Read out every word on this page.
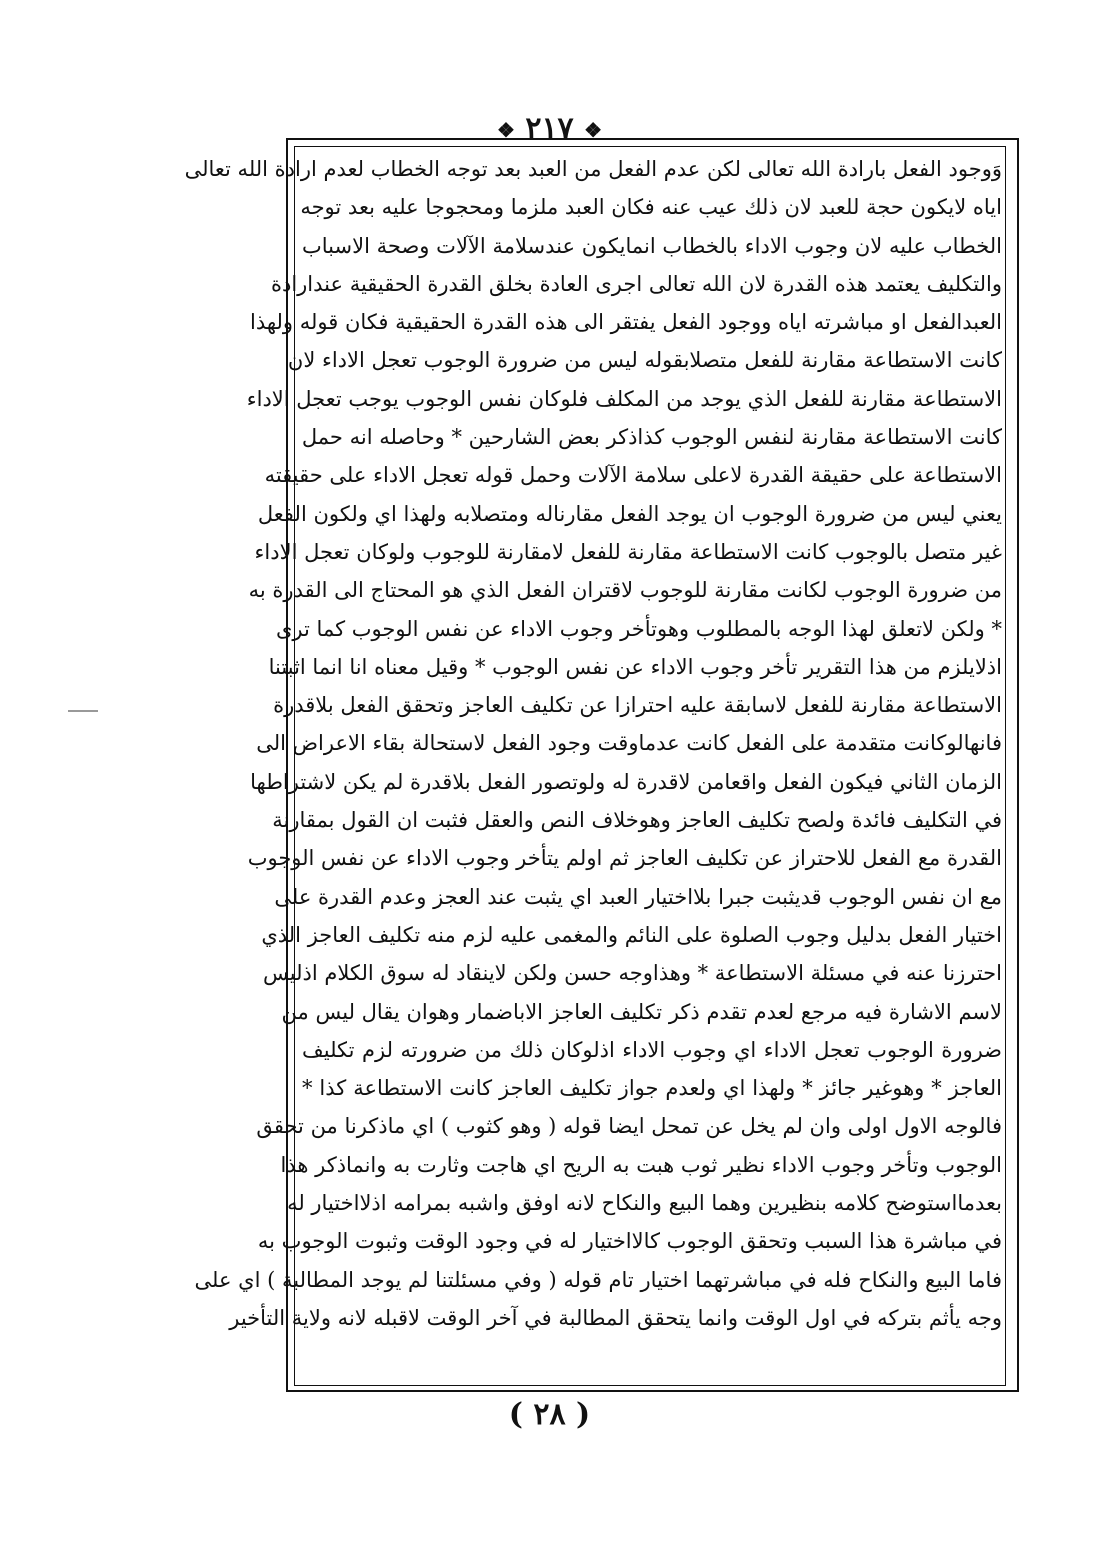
❖ ٢١٧ ❖
وَوجود الفعل بارادة الله تعالى لكن عدم الفعل من العبد بعد توجه الخطاب لعدم ارادة الله تعالى
اياه لايكون حجة للعبد لان ذلك عيب عنه فكان العبد ملزما ومحجوجا عليه بعد توجه
الخطاب عليه لان وجوب الاداء بالخطاب انمايكون عندسلامة الآلات وصحة الاسباب
والتكليف يعتمد هذه القدرة لان الله تعالى اجرى العادة بخلق القدرة الحقيقية عندارادة
العبدالفعل او مباشرته اياه ووجود الفعل يفتقر الى هذه القدرة الحقيقية فكان قوله ولهذا
كانت الاستطاعة مقارنة للفعل متصلابقوله ليس من ضرورة الوجوب تعجل الاداء لان
الاستطاعة مقارنة للفعل الذي يوجد من المكلف فلوكان نفس الوجوب يوجب تعجل الاداء
كانت الاستطاعة مقارنة لنفس الوجوب كذاذكر بعض الشارحين * وحاصله انه حمل
الاستطاعة على حقيقة القدرة لاعلى سلامة الآلات وحمل قوله تعجل الاداء على حقيقته
يعني ليس من ضرورة الوجوب ان يوجد الفعل مقارناله ومتصلابه ولهذا اي ولكون الفعل
غير متصل بالوجوب كانت الاستطاعة مقارنة للفعل لامقارنة للوجوب ولوكان تعجل الاداء
من ضرورة الوجوب لكانت مقارنة للوجوب لاقتران الفعل الذي هو المحتاج الى القدرة به
* ولكن لاتعلق لهذا الوجه بالمطلوب وهوتأخر وجوب الاداء عن نفس الوجوب كما ترى
اذلايلزم من هذا التقرير تأخر وجوب الاداء عن نفس الوجوب * وقيل معناه انا انما اثبتنا
الاستطاعة مقارنة للفعل لاسابقة عليه احترازا عن تكليف العاجز وتحقق الفعل بلاقدرة
فانهالوكانت متقدمة على الفعل كانت عدماوقت وجود الفعل لاستحالة بقاء الاعراض الى
الزمان الثاني فيكون الفعل واقعامن لاقدرة له ولوتصور الفعل بلاقدرة لم يكن لاشتراطها
في التكليف فائدة ولصح تكليف العاجز وهوخلاف النص والعقل فثبت ان القول بمقارنة
القدرة مع الفعل للاحتراز عن تكليف العاجز ثم اولم يتأخر وجوب الاداء عن نفس الوجوب
مع ان نفس الوجوب قديثبت جبرا بلااختيار العبد اي يثبت عند العجز وعدم القدرة على
اختيار الفعل بدليل وجوب الصلوة على النائم والمغمى عليه لزم منه تكليف العاجز الذي
احترزنا عنه في مسئلة الاستطاعة * وهذاوجه حسن ولكن لاينقاد له سوق الكلام اذليس
لاسم الاشارة فيه مرجع لعدم تقدم ذكر تكليف العاجز الاباضمار وهوان يقال ليس من
ضرورة الوجوب تعجل الاداء اي وجوب الاداء اذلوكان ذلك من ضرورته لزم تكليف
العاجز * وهوغير جائز * ولهذا اي ولعدم جواز تكليف العاجز كانت الاستطاعة كذا *
فالوجه الاول اولى وان لم يخل عن تمحل ايضا قوله ( وهو كثوب ) اي ماذكرنا من تحقق
الوجوب وتأخر وجوب الاداء نظير ثوب هبت به الريح اي هاجت وثارت به وانماذكر هذا
بعدمااستوضح كلامه بنظيرين وهما البيع والنكاح لانه اوفق واشبه بمرامه اذلااختيار له
في مباشرة هذا السبب وتحقق الوجوب كالااختيار له في وجود الوقت وثبوت الوجوب به
فاما البيع والنكاح فله في مباشرتهما اختيار تام قوله ( وفي مسئلتنا لم يوجد المطالبة ) اي على
وجه يأثم بتركه في اول الوقت وانما يتحقق المطالبة في آخر الوقت لاقبله لانه ولاية التأخير
( ٢٨ )
